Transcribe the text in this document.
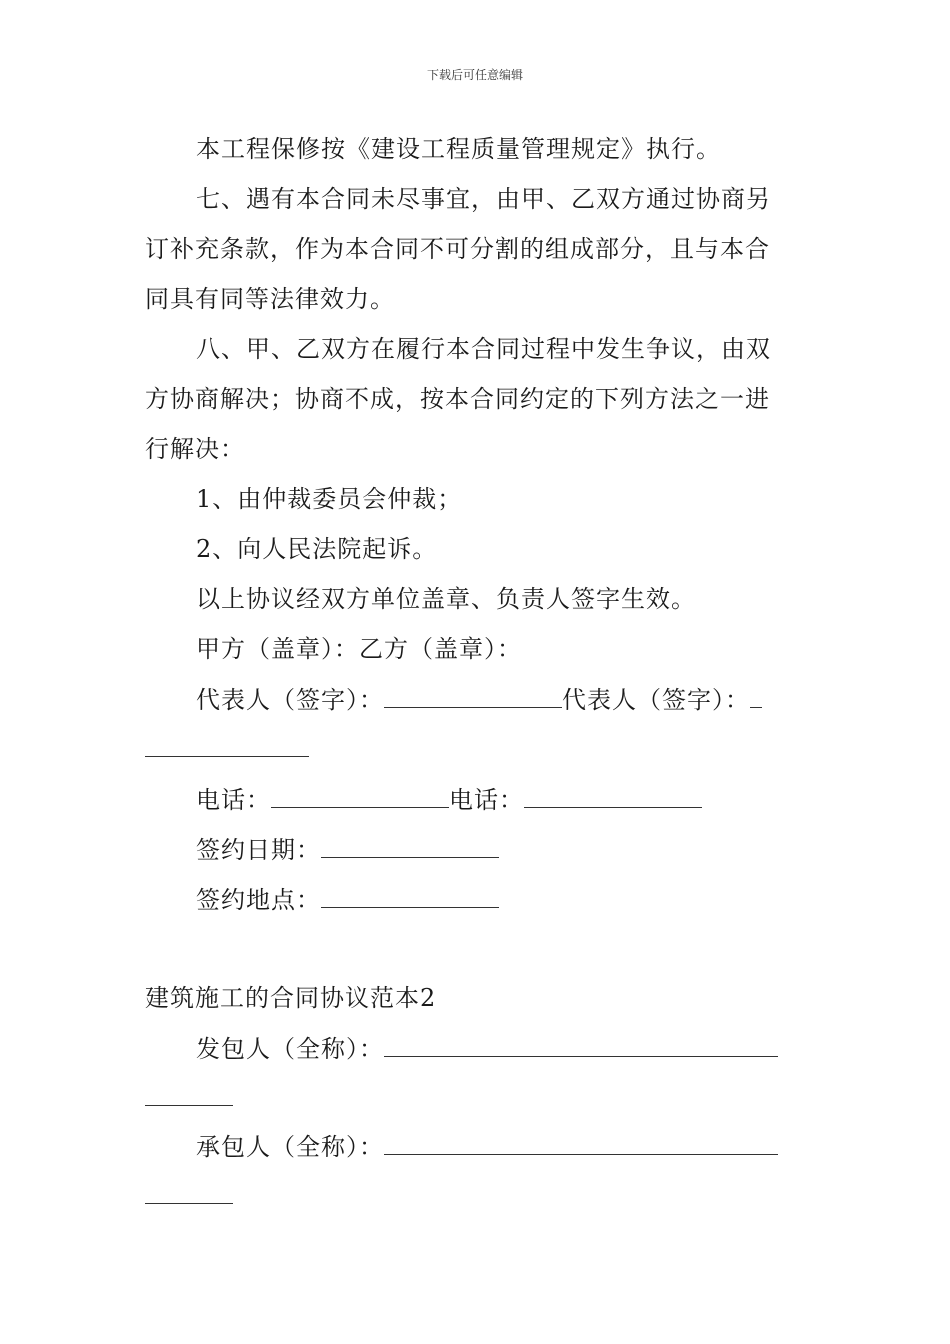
下载后可任意编辑
本工程保修按《建设工程质量管理规定》执行。
七、遇有本合同未尽事宜，由甲、乙双方通过协商另
订补充条款，作为本合同不可分割的组成部分，且与本合
同具有同等法律效力。
八、甲、乙双方在履行本合同过程中发生争议，由双
方协商解决；协商不成，按本合同约定的下列方法之一进
行解决：
1、由仲裁委员会仲裁；
2、向人民法院起诉。
以上协议经双方单位盖章、负责人签字生效。
甲方（盖章）：乙方（盖章）：
代表人（签字）：	代表人（签字）：
电话：	电话：
签约日期：
签约地点：
建筑施工的合同协议范本2
发包人（全称）：
承包人（全称）：
